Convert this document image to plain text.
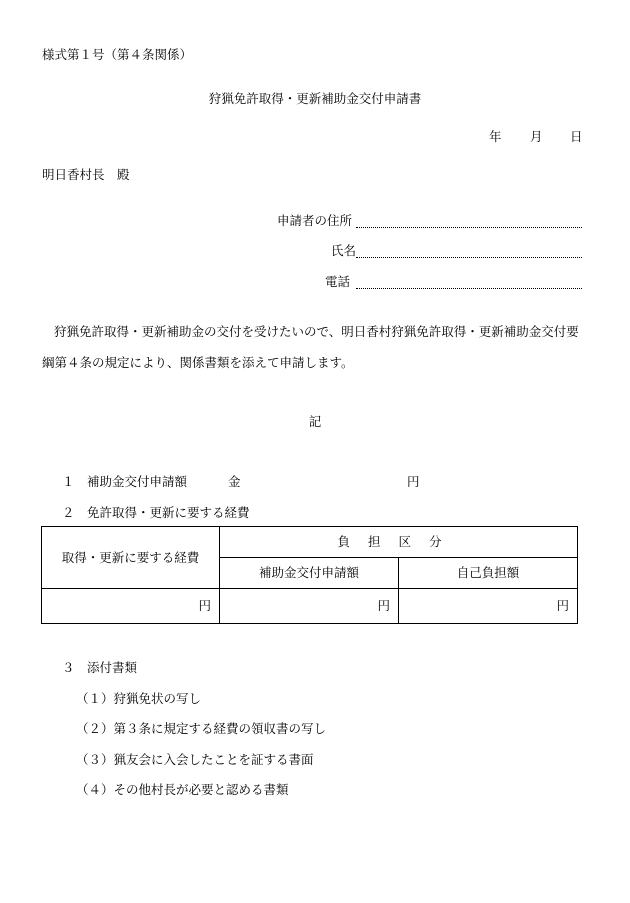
様式第１号（第４条関係）
狩猟免許取得・更新補助金交付申請書
年 月 日
明日香村長　殿
申請者の住所
氏名
電話
狩猟免許取得・更新補助金の交付を受けたいので、明日香村狩猟免許取得・更新補助金交付要綱第４条の規定により、関係書類を添えて申請します。
記
１　補助金交付申請額	金	円
２　免許取得・更新に要する経費
取得・更新に要する経費	負担区分	
	補助金交付申請額	自己負担額
円	円	円
３　添付書類
（１）狩猟免状の写し
（２）第３条に規定する経費の領収書の写し
（３）猟友会に入会したことを証する書面
（４）その他村長が必要と認める書類
